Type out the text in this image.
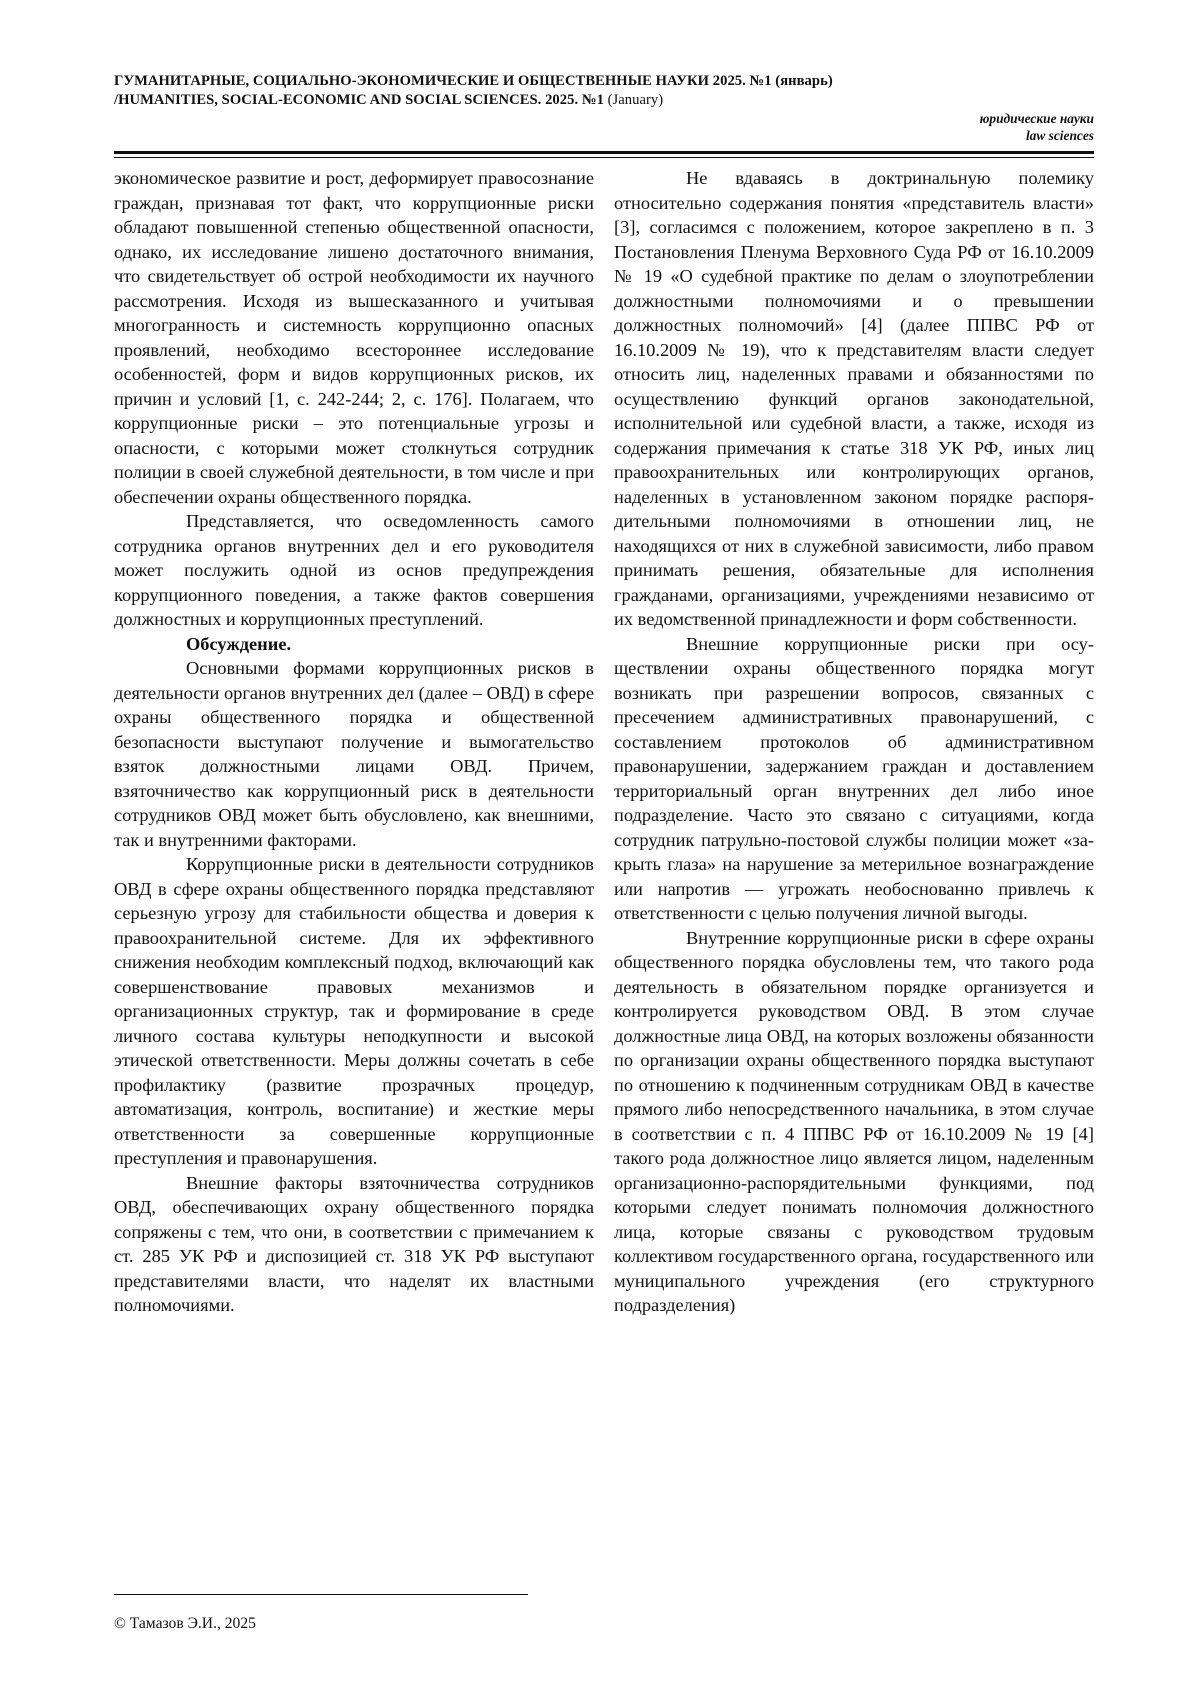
ГУМАНИТАРНЫЕ, СОЦИАЛЬНО-ЭКОНОМИЧЕСКИЕ И ОБЩЕСТВЕННЫЕ НАУКИ 2025. №1 (январь)
/HUMANITIES, SOCIAL-ECONOMIC AND SOCIAL SCIENCES. 2025. №1 (January)
юридические науки
law sciences

экономическое развитие и рост, деформирует правосознание граждан, признавая тот факт, что коррупционные риски обладают повышенной степенью общественной опасности, однако, их исследование лишено достаточного внимания, что свидетельствует об острой необходимости их научного рассмотрения. Исходя из вышесказанного и учитывая многогранность и системность коррупционно опасных проявлений, необходимо всестороннее исследование особенностей, форм и видов коррупционных рисков, их причин и условий [1, с. 242-244; 2, с. 176]. Полагаем, что коррупционные риски – это потенциальные угрозы и опасности, с которыми может столкнуться сотрудник полиции в своей служебной деятельности, в том числе и при обеспечении охраны общественного порядка.

Представляется, что осведомленность самого сотрудника органов внутренних дел и его руководителя может послужить одной из основ предупреждения коррупционного поведения, а также фактов совершения должностных и коррупционных преступлений.

Обсуждение.

Основными формами коррупционных рисков в деятельности органов внутренних дел (далее – ОВД) в сфере охраны общественного порядка и общественной безопасности выступают получение и вымогательство взяток должностными лицами ОВД. Причем, взяточничество как коррупционный риск в деятельности сотрудников ОВД может быть обусловлено, как внешними, так и внутренними факторами.

Коррупционные риски в деятельности сотрудников ОВД в сфере охраны общественного порядка представляют серьезную угрозу для стабильности общества и доверия к правоохранительной системе. Для их эффективного снижения необходим комплексный подход, включающий как совершенствование правовых механизмов и организационных структур, так и формирование в среде личного состава культуры неподкупности и высокой этической ответственности. Меры должны сочетать в себе профилактику (развитие прозрачных процедур, автоматизация, контроль, воспитание) и жесткие меры ответственности за совершенные коррупционные преступления и правонарушения.

Внешние факторы взяточничества сотрудников ОВД, обеспечивающих охрану общественного порядка сопряжены с тем, что они, в соответствии с примечанием к ст. 285 УК РФ и диспозицией ст. 318 УК РФ выступают представителями власти, что наделят их властными полномочиями.

Не вдаваясь в доктринальную полемику относительно содержания понятия «представитель власти» [3], согласимся с положением, которое закреплено в п. 3 Постановления Пленума Верховного Суда РФ от 16.10.2009 № 19 «О судебной практике по делам о злоупотреблении должностными полномочиями и о превышении должностных полномочий» [4] (далее ППВС РФ от 16.10.2009 № 19), что к представителям власти следует относить лиц, наделенных правами и обязанностями по осуществлению функций органов законодательной, исполнительной или судебной власти, а также, исходя из содержания примечания к статье 318 УК РФ, иных лиц правоохранительных или контролирующих органов, наделенных в установленном законом порядке распорядительными полномочиями в отношении лиц, не находящихся от них в служебной зависимости, либо правом принимать решения, обязательные для исполнения гражданами, организациями, учреждениями независимо от их ведомственной принадлежности и форм собственности.

Внешние коррупционные риски при осуществлении охраны общественного порядка могут возникать при разрешении вопросов, связанных с пресечением административных правонарушений, с составлением протоколов об административном правонарушении, задержанием граждан и доставлением территориальный орган внутренних дел либо иное подразделение. Часто это связано с ситуациями, когда сотрудник патрульно-постовой службы полиции может «закрыть глаза» на нарушение за метерильное вознаграждение или напротив — угрожать необоснованно привлечь к ответственности с целью получения личной выгоды.

Внутренние коррупционные риски в сфере охраны общественного порядка обусловлены тем, что такого рода деятельность в обязательном порядке организуется и контролируется руководством ОВД. В этом случае должностные лица ОВД, на которых возложены обязанности по организации охраны общественного порядка выступают по отношению к подчиненным сотрудникам ОВД в качестве прямого либо непосредственного начальника, в этом случае в соответствии с п. 4 ППВС РФ от 16.10.2009 № 19 [4] такого рода должностное лицо является лицом, наделенным организационно-распорядительными функциями, под которыми следует понимать полномочия должностного лица, которые связаны с руководством трудовым коллективом государственного органа, государственного или муниципального учреждения (его структурного подразделения)

© Тамазов Э.И., 2025
